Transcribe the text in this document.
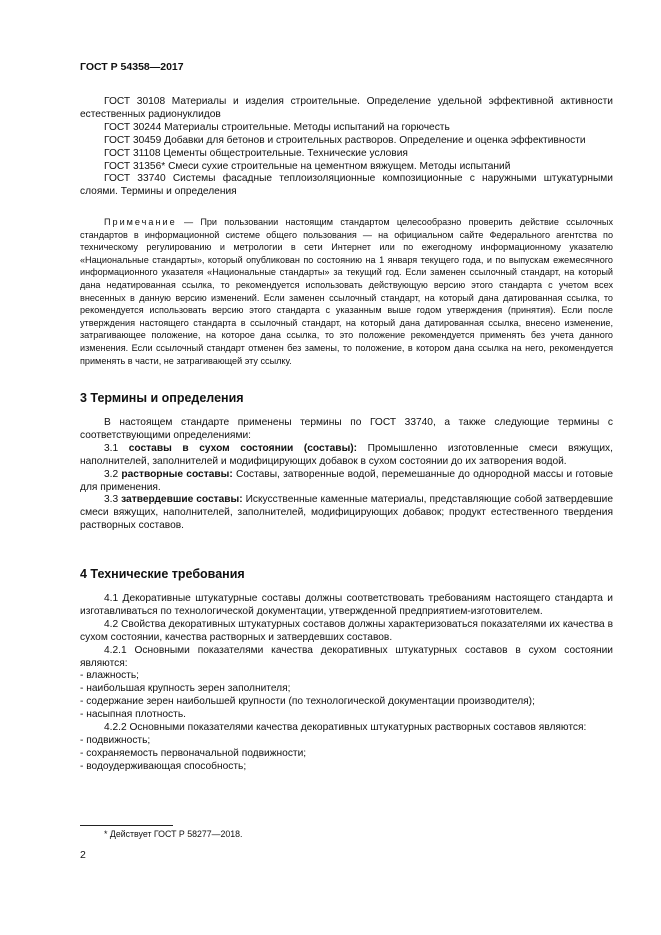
ГОСТ Р 54358—2017

ГОСТ 30108 Материалы и изделия строительные. Определение удельной эффективной активности естественных радионуклидов

ГОСТ 30244 Материалы строительные. Методы испытаний на горючесть

ГОСТ 30459 Добавки для бетонов и строительных растворов. Определение и оценка эффективности

ГОСТ 31108 Цементы общестроительные. Технические условия

ГОСТ 31356* Смеси сухие строительные на цементном вяжущем. Методы испытаний

ГОСТ 33740 Системы фасадные теплоизоляционные композиционные с наружными штукатурными слоями. Термины и определения

Примечание — При пользовании настоящим стандартом целесообразно проверить действие ссылочных стандартов в информационной системе общего пользования — на официальном сайте Федерального агентства по техническому регулированию и метрологии в сети Интернет или по ежегодному информационному указателю «Национальные стандарты», который опубликован по состоянию на 1 января текущего года, и по выпускам ежемесячного информационного указателя «Национальные стандарты» за текущий год. Если заменен ссылочный стандарт, на который дана недатированная ссылка, то рекомендуется использовать действующую версию этого стандарта с учетом всех внесенных в данную версию изменений. Если заменен ссылочный стандарт, на который дана датированная ссылка, то рекомендуется использовать версию этого стандарта с указанным выше годом утверждения (принятия). Если после утверждения настоящего стандарта в ссылочный стандарт, на который дана датированная ссылка, внесено изменение, затрагивающее положение, на которое дана ссылка, то это положение рекомендуется применять без учета данного изменения. Если ссылочный стандарт отменен без замены, то положение, в котором дана ссылка на него, рекомендуется применять в части, не затрагивающей эту ссылку.

3 Термины и определения

В настоящем стандарте применены термины по ГОСТ 33740, а также следующие термины с соответствующими определениями:

3.1 составы в сухом состоянии (составы): Промышленно изготовленные смеси вяжущих, наполнителей, заполнителей и модифицирующих добавок в сухом состоянии до их затворения водой.

3.2 растворные составы: Составы, затворенные водой, перемешанные до однородной массы и готовые для применения.

3.3 затвердевшие составы: Искусственные каменные материалы, представляющие собой затвердевшие смеси вяжущих, наполнителей, заполнителей, модифицирующих добавок; продукт естественного твердения растворных составов.

4 Технические требования

4.1 Декоративные штукатурные составы должны соответствовать требованиям настоящего стандарта и изготавливаться по технологической документации, утвержденной предприятием-изготовителем.

4.2 Свойства декоративных штукатурных составов должны характеризоваться показателями их качества в сухом состоянии, качества растворных и затвердевших составов.

4.2.1 Основными показателями качества декоративных штукатурных составов в сухом состоянии являются:

- влажность;

- наибольшая крупность зерен заполнителя;

- содержание зерен наибольшей крупности (по технологической документации производителя);

- насыпная плотность.

4.2.2 Основными показателями качества декоративных штукатурных растворных составов являются:

- подвижность;

- сохраняемость первоначальной подвижности;

- водоудерживающая способность;

* Действует ГОСТ Р 58277—2018.
2
